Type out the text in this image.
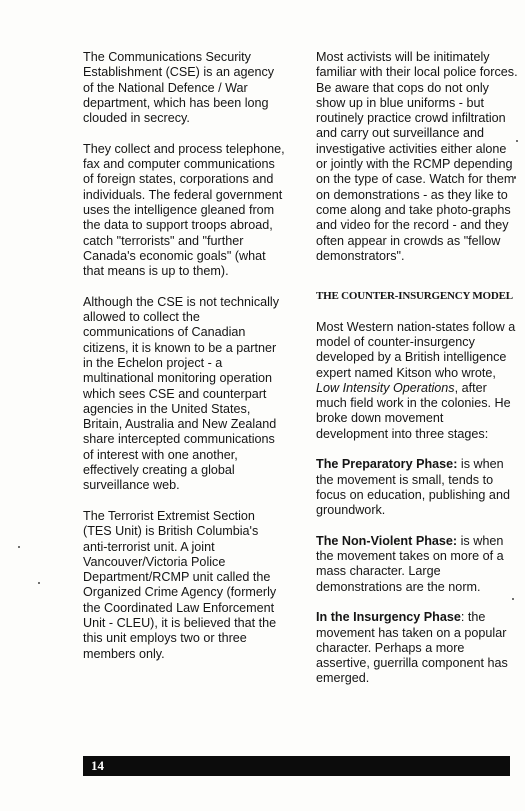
The Communications Security Establishment (CSE) is an agency of the National Defence / War department, which has been long clouded in secrecy.

They collect and process telephone, fax and computer communications of foreign states, corporations and individuals. The federal government uses the intelligence gleaned from the data to support troops abroad, catch "terrorists" and "further Canada's economic goals" (what that means is up to them).

Although the CSE is not technically allowed to collect the communications of Canadian citizens, it is known to be a partner in the Echelon project - a multinational monitoring operation which sees CSE and counterpart agencies in the United States, Britain, Australia and New Zealand share intercepted communications of interest with one another, effectively creating a global surveillance web.

The Terrorist Extremist Section (TES Unit) is British Columbia's anti-terrorist unit. A joint Vancouver/Victoria Police Department/RCMP unit called the Organized Crime Agency (formerly the Coordinated Law Enforcement Unit - CLEU), it is believed that the this unit employs two or three members only.

Most activists will be initimately familiar with their local police forces. Be aware that cops do not only show up in blue uniforms - but routinely practice crowd infiltration and carry out surveillance and investigative activities either alone or jointly with the RCMP depending on the type of case. Watch for them on demonstrations - as they like to come along and take photo-graphs and video for the record - and they often appear in crowds as "fellow demonstrators".

THE COUNTER-INSURGENCY MODEL

Most Western nation-states follow a model of counter-insurgency developed by a British intelligence expert named Kitson who wrote, Low Intensity Operations, after much field work in the colonies. He broke down movement development into three stages:

The Preparatory Phase: is when the movement is small, tends to focus on education, publishing and groundwork.

The Non-Violent Phase: is when the movement takes on more of a mass character. Large demonstrations are the norm.

In the Insurgency Phase: the movement has taken on a popular character. Perhaps a more assertive, guerrilla component has emerged.

14
